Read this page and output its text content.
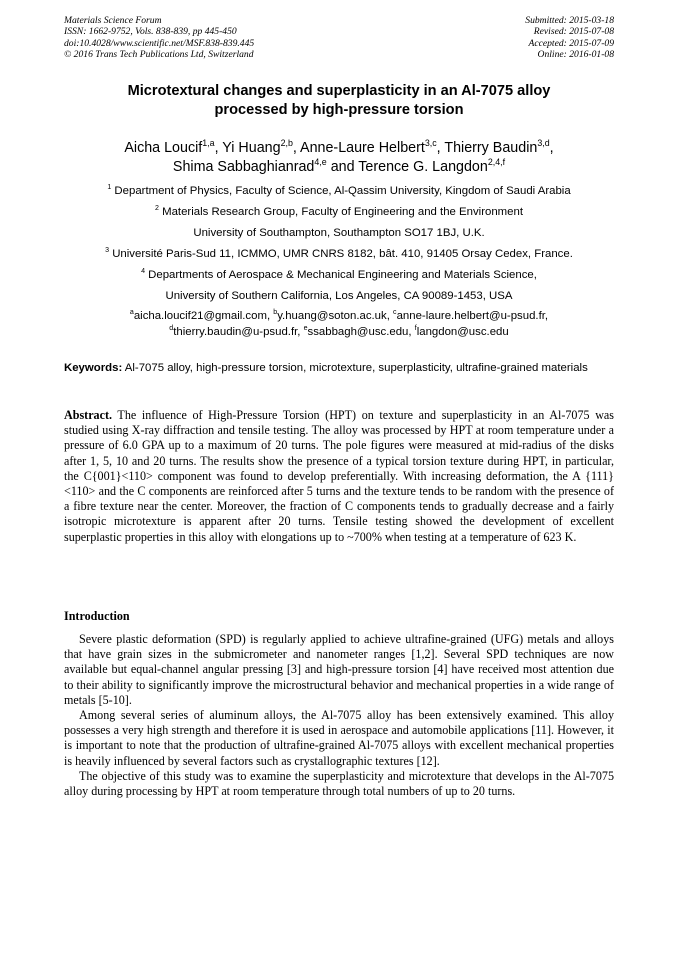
Materials Science Forum
ISSN: 1662-9752, Vols. 838-839, pp 445-450
doi:10.4028/www.scientific.net/MSF.838-839.445
© 2016 Trans Tech Publications Ltd, Switzerland
Submitted: 2015-03-18
Revised: 2015-07-08
Accepted: 2015-07-09
Online: 2016-01-08
Microtextural changes and superplasticity in an Al-7075 alloy
processed by high-pressure torsion
Aicha Loucif$^{1,a}$, Yi Huang$^{2,b}$, Anne-Laure Helbert$^{3,c}$, Thierry Baudin$^{3,d}$,
Shima Sabbaghianrad$^{4,e}$ and Terence G. Langdon$^{2,4,f}$
$^1$ Department of Physics, Faculty of Science, Al-Qassim University, Kingdom of Saudi Arabia
$^2$ Materials Research Group, Faculty of Engineering and the Environment
University of Southampton, Southampton SO17 1BJ, U.K.
$^3$ Université Paris-Sud 11, ICMMO, UMR CNRS 8182, bât. 410, 91405 Orsay Cedex, France.
$^4$ Departments of Aerospace & Mechanical Engineering and Materials Science,
University of Southern California, Los Angeles, CA 90089-1453, USA
$^a$aicha.loucif21@gmail.com, $^b$y.huang@soton.ac.uk, $^c$anne-laure.helbert@u-psud.fr,
$^d$thierry.baudin@u-psud.fr, $^e$ssabbagh@usc.edu, $^f$langdon@usc.edu
Keywords: Al-7075 alloy, high-pressure torsion, microtexture, superplasticity, ultrafine-grained materials
Abstract. The influence of High-Pressure Torsion (HPT) on texture and superplasticity in an Al-7075 was studied using X-ray diffraction and tensile testing. The alloy was processed by HPT at room temperature under a pressure of 6.0 GPA up to a maximum of 20 turns. The pole figures were measured at mid-radius of the disks after 1, 5, 10 and 20 turns. The results show the presence of a typical torsion texture during HPT, in particular, the C{001}<110> component was found to develop preferentially. With increasing deformation, the A {111}<110> and the C components are reinforced after 5 turns and the texture tends to be random with the presence of a fibre texture near the center. Moreover, the fraction of C components tends to gradually decrease and a fairly isotropic microtexture is apparent after 20 turns. Tensile testing showed the development of excellent superplastic properties in this alloy with elongations up to ~700% when testing at a temperature of 623 K.
Introduction

Severe plastic deformation (SPD) is regularly applied to achieve ultrafine-grained (UFG) metals and alloys that have grain sizes in the submicrometer and nanometer ranges [1,2]. Several SPD techniques are now available but equal-channel angular pressing [3] and high-pressure torsion [4] have received most attention due to their ability to significantly improve the microstructural behavior and mechanical properties in a wide range of metals [5-10].

Among several series of aluminum alloys, the Al-7075 alloy has been extensively examined. This alloy possesses a very high strength and therefore it is used in aerospace and automobile applications [11]. However, it is important to note that the production of ultrafine-grained Al-7075 alloys with excellent mechanical properties is heavily influenced by several factors such as crystallographic textures [12].

The objective of this study was to examine the superplasticity and microtexture that develops in the Al-7075 alloy during processing by HPT at room temperature through total numbers of up to 20 turns.
